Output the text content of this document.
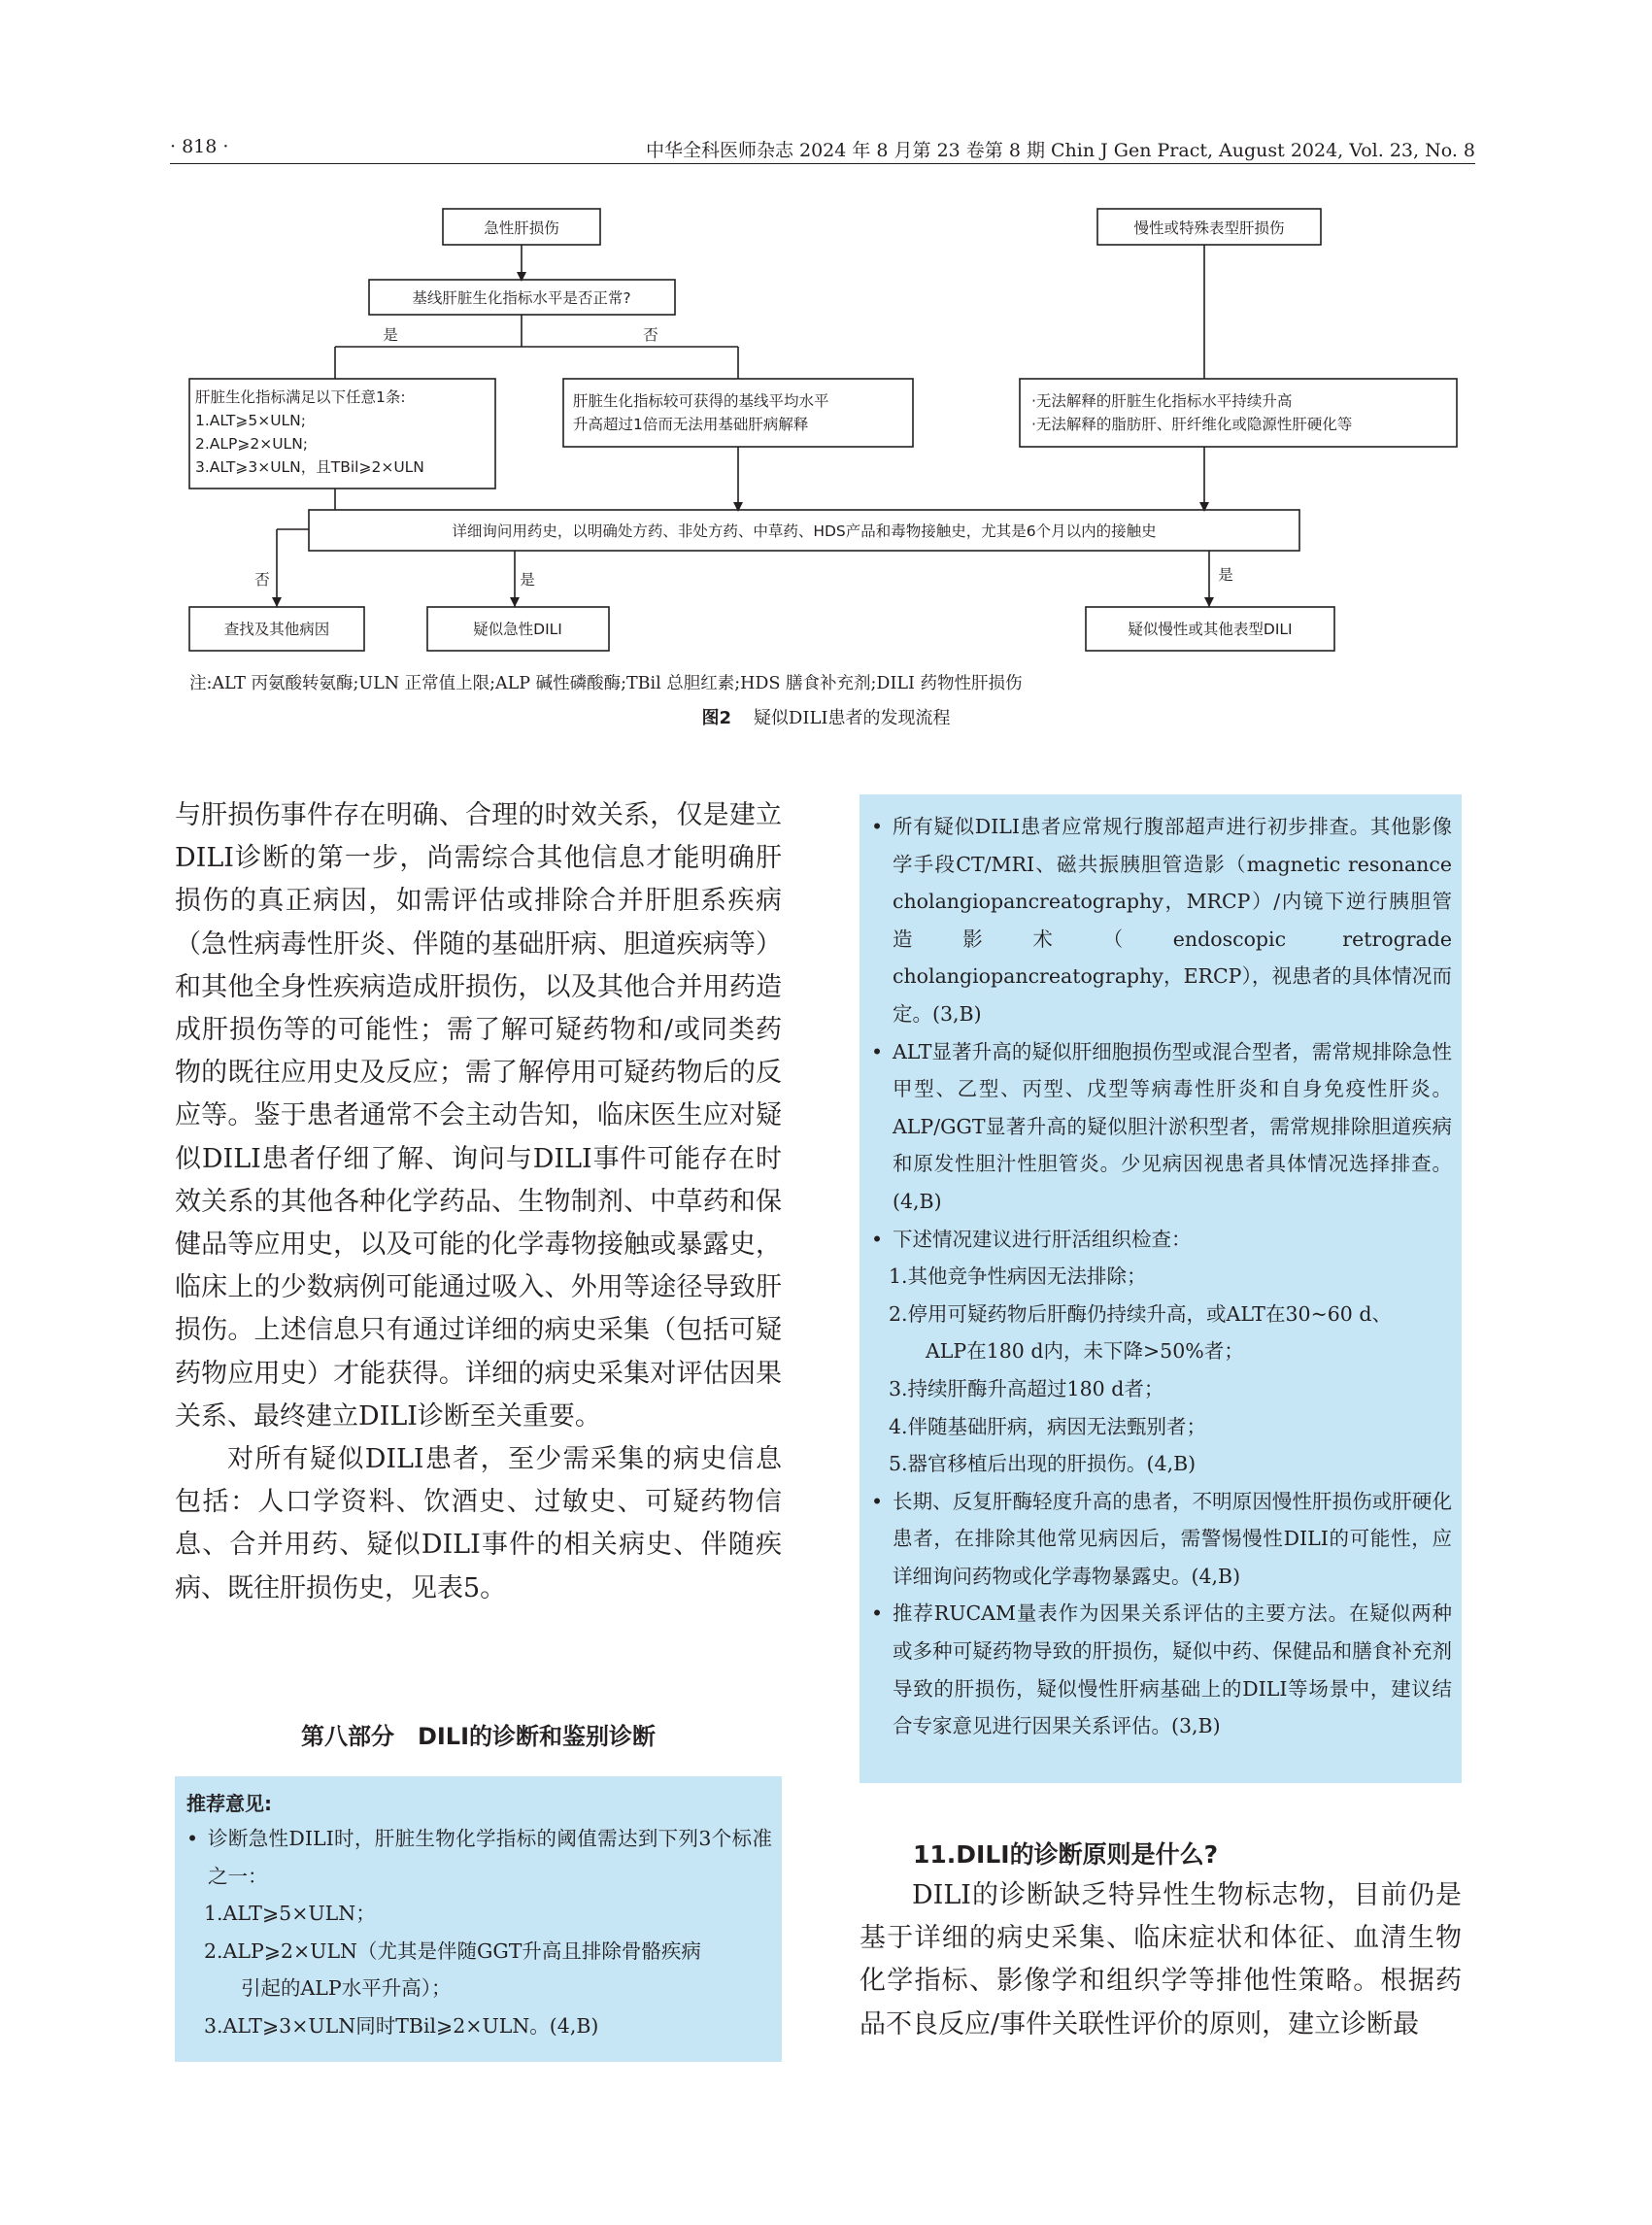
· 818 ·	中华全科医师杂志 2024 年 8 月第 23 卷第 8 期 Chin J Gen Pract, August 2024, Vol. 23, No. 8
急性肝损伤	慢性或特殊表型肝损伤
基线肝脏生化指标水平是否正常?
是	否
肝脏生化指标满足以下任意1条:
1.ALT⩾5×ULN;
2.ALP⩾2×ULN;
3.ALT⩾3×ULN，且TBil⩾2×ULN
肝脏生化指标较可获得的基线平均水平
升高超过1倍而无法用基础肝病解释
·无法解释的肝脏生化指标水平持续升高
·无法解释的脂肪肝、肝纤维化或隐源性肝硬化等
详细询问用药史，以明确处方药、非处方药、中草药、HDS产品和毒物接触史，尤其是6个月以内的接触史
否	是	是
查找及其他病因	疑似急性DILI	疑似慢性或其他表型DILI
注:ALT 丙氨酸转氨酶;ULN 正常值上限;ALP 碱性磷酸酶;TBil 总胆红素;HDS 膳食补充剂;DILI 药物性肝损伤
图2 疑似DILI患者的发现流程

与肝损伤事件存在明确、合理的时效关系，仅是建立DILI诊断的第一步，尚需综合其他信息才能明确肝损伤的真正病因，如需评估或排除合并肝胆系疾病（急性病毒性肝炎、伴随的基础肝病、胆道疾病等）和其他全身性疾病造成肝损伤，以及其他合并用药造成肝损伤等的可能性；需了解可疑药物和/或同类药物的既往应用史及反应；需了解停用可疑药物后的反应等。鉴于患者通常不会主动告知，临床医生应对疑似DILI患者仔细了解、询问与DILI事件可能存在时效关系的其他各种化学药品、生物制剂、中草药和保健品等应用史，以及可能的化学毒物接触或暴露史，临床上的少数病例可能通过吸入、外用等途径导致肝损伤。上述信息只有通过详细的病史采集（包括可疑药物应用史）才能获得。详细的病史采集对评估因果关系、最终建立DILI诊断至关重要。

对所有疑似DILI患者，至少需采集的病史信息包括：人口学资料、饮酒史、过敏史、可疑药物信息、合并用药、疑似DILI事件的相关病史、伴随疾病、既往肝损伤史，见表5。

第八部分　DILI的诊断和鉴别诊断
推荐意见:
• 诊断急性DILI时，肝脏生物化学指标的阈值需达到下列3个标准之一：
1.ALT⩾5×ULN；
2.ALP⩾2×ULN（尤其是伴随GGT升高且排除骨骼疾病
引起的ALP水平升高）；
3.ALT⩾3×ULN同时TBil⩾2×ULN。(4,B)
• 所有疑似DILI患者应常规行腹部超声进行初步排查。其他影像学手段CT/MRI、磁共振胰胆管造影（magnetic resonance cholangiopancreatography，MRCP）/内镜下逆行胰胆管造影术（endoscopic retrograde cholangiopancreatography，ERCP），视患者的具体情况而定。(3,B)
• ALT显著升高的疑似肝细胞损伤型或混合型者，需常规排除急性甲型、乙型、丙型、戊型等病毒性肝炎和自身免疫性肝炎。ALP/GGT显著升高的疑似胆汁淤积型者，需常规排除胆道疾病和原发性胆汁性胆管炎。少见病因视患者具体情况选择排查。(4,B)
• 下述情况建议进行肝活组织检查：
1.其他竞争性病因无法排除；
2.停用可疑药物后肝酶仍持续升高，或ALT在30~60 d、
ALP在180 d内，未下降>50%者；
3.持续肝酶升高超过180 d者；
4.伴随基础肝病，病因无法甄别者；
5.器官移植后出现的肝损伤。(4,B)
• 长期、反复肝酶轻度升高的患者，不明原因慢性肝损伤或肝硬化患者，在排除其他常见病因后，需警惕慢性DILI的可能性，应详细询问药物或化学毒物暴露史。(4,B)
• 推荐RUCAM量表作为因果关系评估的主要方法。在疑似两种或多种可疑药物导致的肝损伤，疑似中药、保健品和膳食补充剂导致的肝损伤，疑似慢性肝病基础上的DILI等场景中，建议结合专家意见进行因果关系评估。(3,B)
11.DILI的诊断原则是什么?

DILI的诊断缺乏特异性生物标志物，目前仍是基于详细的病史采集、临床症状和体征、血清生物化学指标、影像学和组织学等排他性策略。根据药品不良反应/事件关联性评价的原则，建立诊断最
